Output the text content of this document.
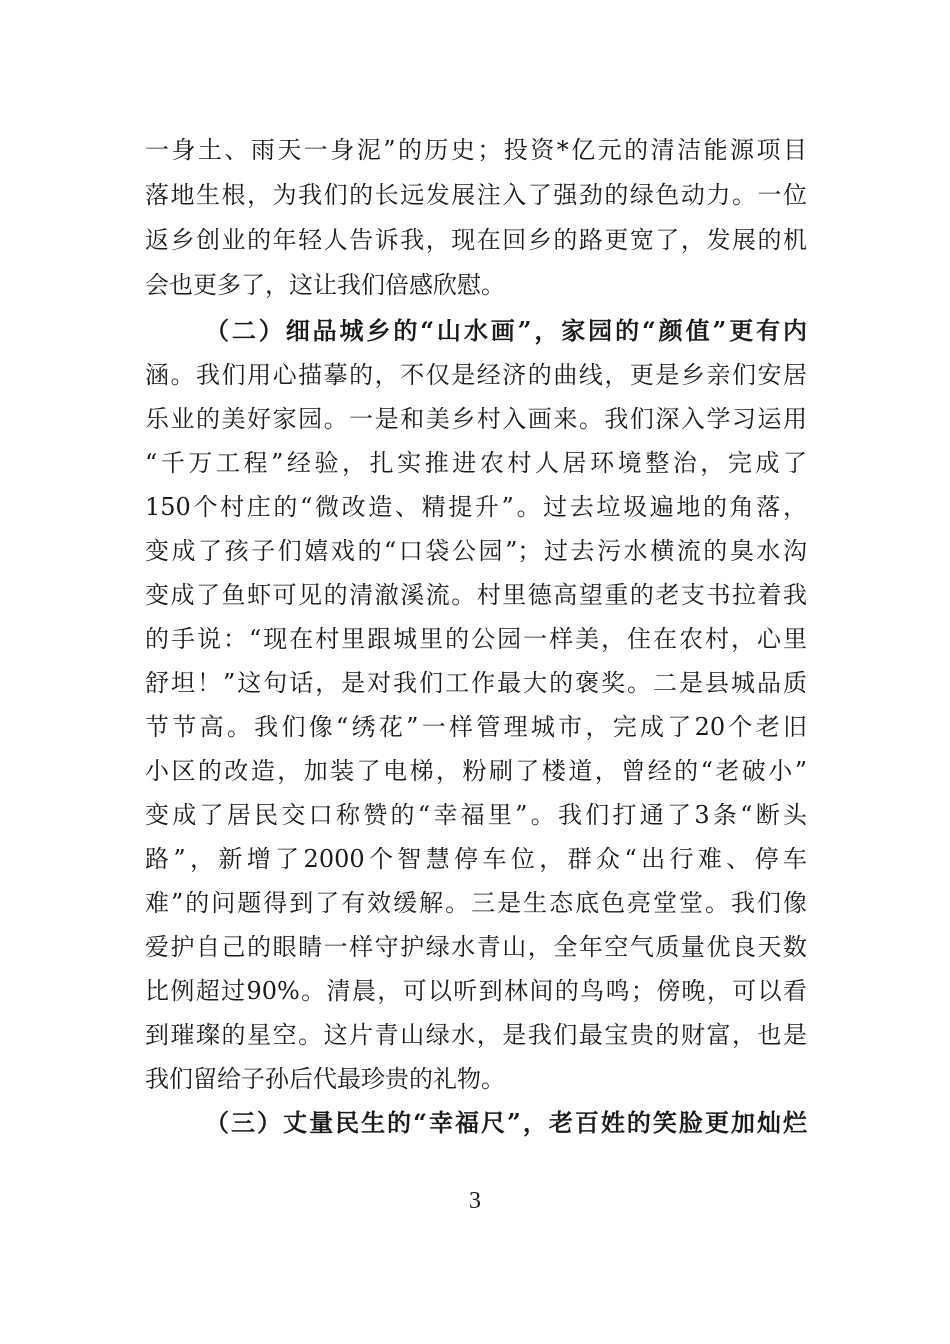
一身土、雨天一身泥”的历史；投资*亿元的清洁能源项目
落地生根，为我们的长远发展注入了强劲的绿色动力。一位
返乡创业的年轻人告诉我，现在回乡的路更宽了，发展的机
会也更多了，这让我们倍感欣慰。
（二）细品城乡的“山水画”，家园的“颜值”更有内
涵。我们用心描摹的，不仅是经济的曲线，更是乡亲们安居
乐业的美好家园。一是和美乡村入画来。我们深入学习运用
“千万工程”经验，扎实推进农村人居环境整治，完成了
150个村庄的“微改造、精提升”。过去垃圾遍地的角落，
变成了孩子们嬉戏的“口袋公园”；过去污水横流的臭水沟
变成了鱼虾可见的清澈溪流。村里德高望重的老支书拉着我
的手说：“现在村里跟城里的公园一样美，住在农村，心里
舒坦！”这句话，是对我们工作最大的褒奖。二是县城品质
节节高。我们像“绣花”一样管理城市，完成了20个老旧
小区的改造，加装了电梯，粉刷了楼道，曾经的“老破小”
变成了居民交口称赞的“幸福里”。我们打通了3条“断头
路”，新增了2000个智慧停车位，群众“出行难、停车
难”的问题得到了有效缓解。三是生态底色亮堂堂。我们像
爱护自己的眼睛一样守护绿水青山，全年空气质量优良天数
比例超过90%。清晨，可以听到林间的鸟鸣；傍晚，可以看
到璀璨的星空。这片青山绿水，是我们最宝贵的财富，也是
我们留给子孙后代最珍贵的礼物。
（三）丈量民生的“幸福尺”，老百姓的笑脸更加灿烂
3
